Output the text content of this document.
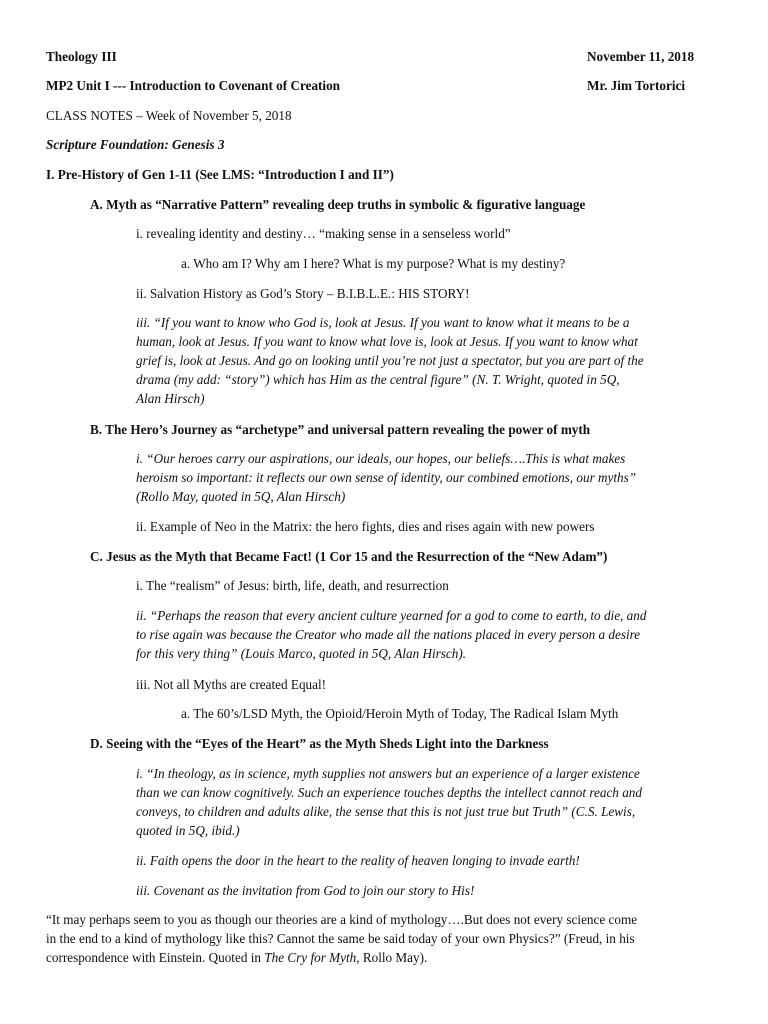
Theology III	November 11, 2018
MP2 Unit I --- Introduction to Covenant of Creation	Mr. Jim Tortorici
CLASS NOTES – Week of November 5, 2018
Scripture Foundation: Genesis 3
I. Pre-History of Gen 1-11 (See LMS: “Introduction I and II”)
A. Myth as “Narrative Pattern” revealing deep truths in symbolic & figurative language
i. revealing identity and destiny… “making sense in a senseless world”
a. Who am I? Why am I here? What is my purpose? What is my destiny?
ii. Salvation History as God’s Story – B.I.B.L.E.: HIS STORY!
iii. “If you want to know who God is, look at Jesus. If you want to know what it means to be a
human, look at Jesus. If you want to know what love is, look at Jesus. If you want to know what
grief is, look at Jesus. And go on looking until you’re not just a spectator, but you are part of the
drama (my add: “story”) which has Him as the central figure” (N. T. Wright, quoted in 5Q,
Alan Hirsch)
B. The Hero’s Journey as “archetype” and universal pattern revealing the power of myth
i. “Our heroes carry our aspirations, our ideals, our hopes, our beliefs….This is what makes
heroism so important: it reflects our own sense of identity, our combined emotions, our myths”
(Rollo May, quoted in 5Q, Alan Hirsch)
ii. Example of Neo in the Matrix: the hero fights, dies and rises again with new powers
C. Jesus as the Myth that Became Fact! (1 Cor 15 and the Resurrection of the “New Adam”)
i. The “realism” of Jesus: birth, life, death, and resurrection
ii. “Perhaps the reason that every ancient culture yearned for a god to come to earth, to die, and
to rise again was because the Creator who made all the nations placed in every person a desire
for this very thing” (Louis Marco, quoted in 5Q, Alan Hirsch).
iii. Not all Myths are created Equal!
a. The 60’s/LSD Myth, the Opioid/Heroin Myth of Today, The Radical Islam Myth
D. Seeing with the “Eyes of the Heart” as the Myth Sheds Light into the Darkness
i. “In theology, as in science, myth supplies not answers but an experience of a larger existence
than we can know cognitively. Such an experience touches depths the intellect cannot reach and
conveys, to children and adults alike, the sense that this is not just true but Truth” (C.S. Lewis,
quoted in 5Q, ibid.)
ii. Faith opens the door in the heart to the reality of heaven longing to invade earth!
iii. Covenant as the invitation from God to join our story to His!
“It may perhaps seem to you as though our theories are a kind of mythology….But does not every science come
in the end to a kind of mythology like this? Cannot the same be said today of your own Physics?” (Freud, in his
correspondence with Einstein. Quoted in The Cry for Myth, Rollo May).
